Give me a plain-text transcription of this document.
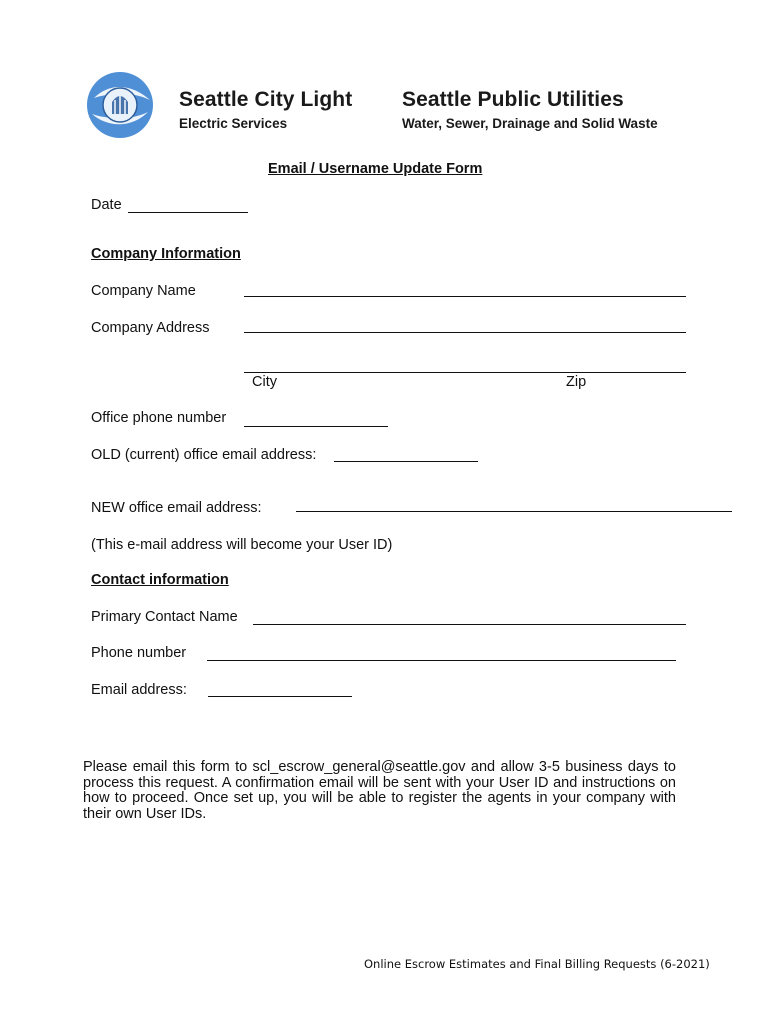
Seattle City Light
Electric Services
Seattle Public Utilities
Water, Sewer, Drainage and Solid Waste
Email / Username Update Form
Date
Company Information
Company Name
Company Address
City	Zip
Office phone number
OLD (current) office email address:
NEW office email address:
(This e-mail address will become your User ID)
Contact information
Primary Contact Name
Phone number
Email address:
Please email this form to scl_escrow_general@seattle.gov and allow 3-5 business days to process this request. A confirmation email will be sent with your User ID and instructions on how to proceed. Once set up, you will be able to register the agents in your company with their own User IDs.
Online Escrow Estimates and Final Billing Requests (6-2021)
